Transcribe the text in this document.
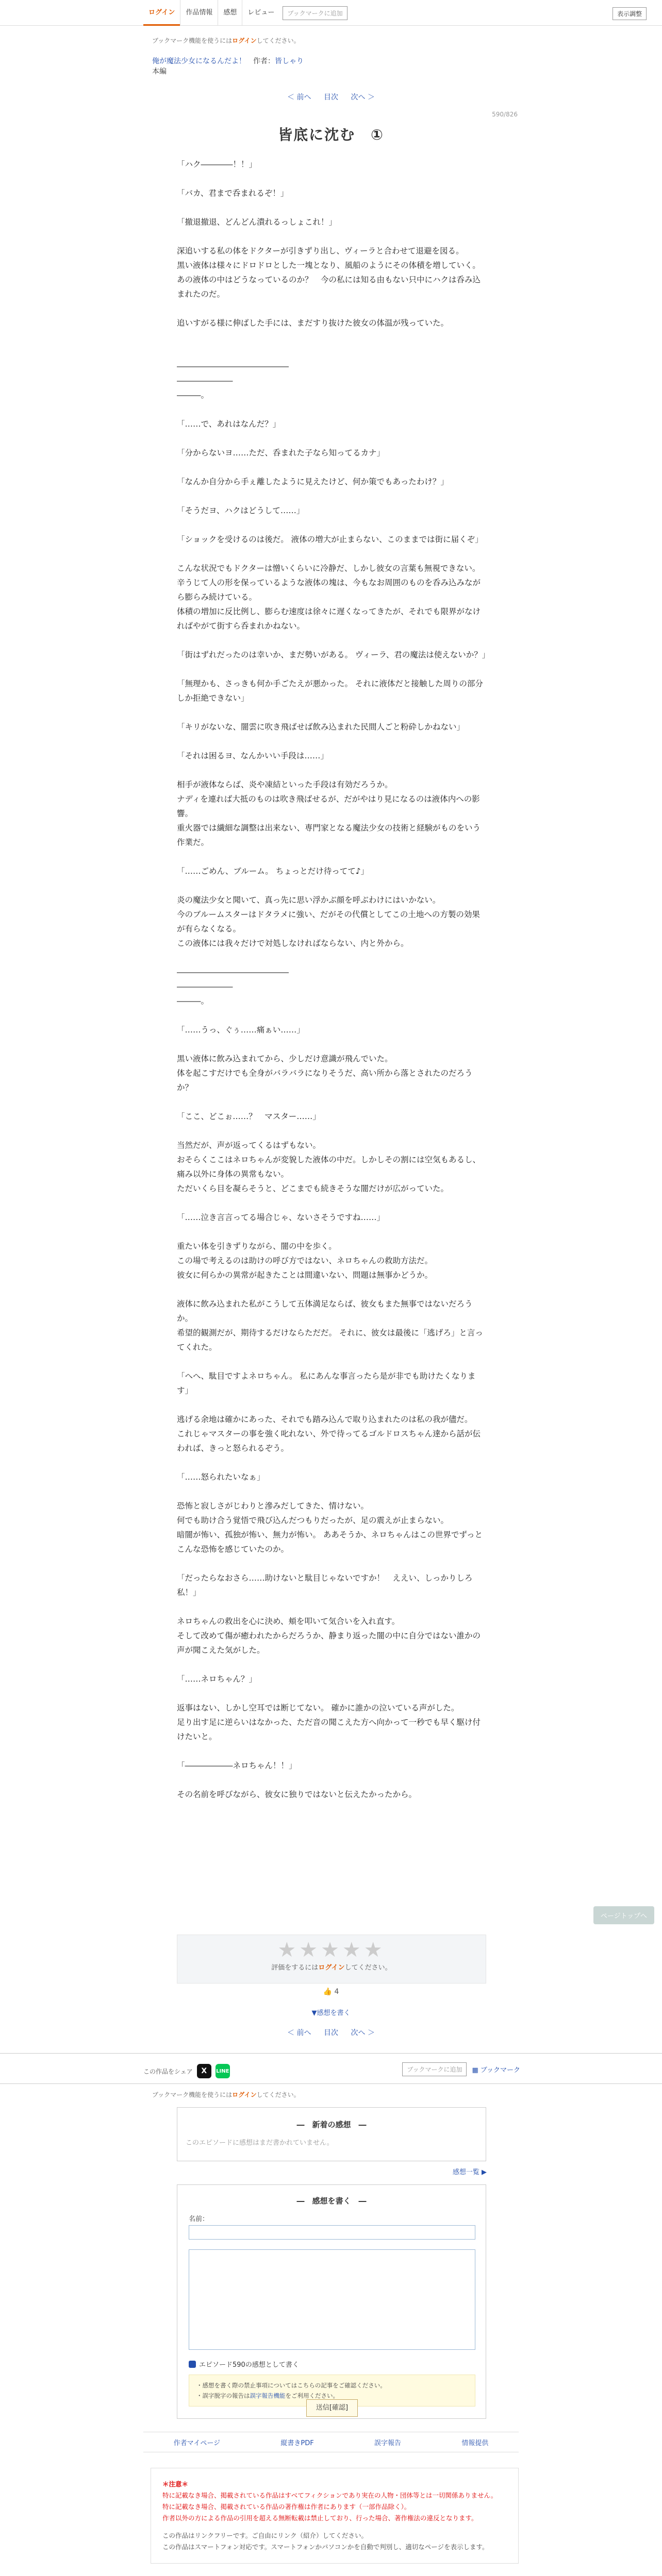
ログイン	作品情報	感想	レビュー	ブックマークに追加	表示調整
ブックマーク機能を使うにはログインしてください。
俺が魔法少女になるんだよ！ 作者：皆しゃり
本編
＜ 前へ 目次 次へ ＞
590/826
皆底に沈む　①

「ハク――――！！」

「バカ、君まで呑まれるぞ！」

「撤退撤退、どんどん潰れるっしょこれ！」

深追いする私の体をドクターが引きずり出し、ヴィーラと合わせて退避を図る。

黒い液体は様々にドロドロとした一塊となり、風船のようにその体積を増していく。

あの液体の中はどうなっているのか？　今の私には知る由もない只中にハクは呑み込まれたのだ。

追いすがる様に伸ばした手には、まだすり抜けた彼女の体温が残っていた。

――――――――――――――

―――――――

―――。

「……で、あれはなんだ？」

「分からないヨ……ただ、呑まれた子なら知ってるカナ」

「なんか自分から手ぇ離したように見えたけど、何か策でもあったわけ？」

「そうだヨ、ハクはどうして……」

「ショックを受けるのは後だ。 液体の増大が止まらない、このままでは街に届くぞ」

こんな状況でもドクターは憎いくらいに冷静だ、しかし彼女の言葉も無視できない。

辛うじて人の形を保っているような液体の塊は、今もなお周囲のものを呑み込みながら膨らみ続けている。

体積の増加に反比例し、膨らむ速度は徐々に遅くなってきたが、それでも限界がなければやがて街すら呑まれかねない。

「街はずれだったのは幸いか、まだ勢いがある。 ヴィーラ、君の魔法は使えないか？」

「無理かも、さっきも何か手ごたえが悪かった。 それに液体だと接触した周りの部分しか拒絶できない」

「キリがないな、闇雲に吹き飛ばせば飲み込まれた民間人ごと粉砕しかねない」

「それは困るヨ、なんかいい手段は……」

相手が液体ならば、炎や凍結といった手段は有効だろうか。

ナディを連れば大抵のものは吹き飛ばせるが、だがやはり見になるのは液体内への影響。

重火器では繊細な調整は出来ない、専門家となる魔法少女の技術と経験がものをいう作業だ。

「……ごめん、ブルーム。 ちょっとだけ待ってて♪」

炎の魔法少女と聞いて、真っ先に思い浮かぶ顔を呼ぶわけにはいかない。

今のブルームスターはドタラメに強い、だがその代償としてこの土地への方製の効果が有らなくなる。

この液体には我々だけで対処しなければならない、内と外から。

――――――――――――――

―――――――

―――。

「……うっ、ぐぅ……痛ぁい……」

黒い液体に飲み込まれてから、少しだけ意識が飛んでいた。

体を起こすだけでも全身がバラバラになりそうだ、高い所から落とされたのだろうか？

「ここ、どこぉ……？　マスター……」

当然だが、声が返ってくるはずもない。

おそらくここはネロちゃんが変貌した液体の中だ。しかしその割には空気もあるし、痛み以外に身体の異常もない。

ただいくら目を凝らそうと、どこまでも続きそうな闇だけが広がっていた。

「……泣き言言ってる場合じゃ、ないさそうですね……」

重たい体を引きずりながら、闇の中を歩く。

この場で考えるのは助けの呼び方ではない、ネロちゃんの救助方法だ。

彼女に何らかの異常が起きたことは間違いない、問題は無事かどうか。

液体に飲み込まれた私がこうして五体満足ならば、彼女もまた無事ではないだろうか。

希望的観測だが、期待するだけならただだ。 それに、彼女は最後に「逃げろ」と言ってくれた。

「へへ、駄目ですよネロちゃん。 私にあんな事言ったら是が非でも助けたくなります」

逃げる余地は確かにあった、それでも踏み込んで取り込まれたのは私の我が儘だ。

これじゃマスターの事を強く叱れない、外で待ってるゴルドロスちゃん達から話が伝われば、きっと怒られるぞう。

「……怒られたいなぁ」

恐怖と寂しさがじわりと滲みだしてきた、情けない。

何でも助け合う覚悟で飛び込んだつもりだったが、足の震えが止まらない。

暗闇が怖い、孤独が怖い、無力が怖い。 ああそうか、ネロちゃんはこの世界でずっとこんな恐怖を感じていたのか。

「だったらなおさら……助けないと駄目じゃないですか！　ええい、しっかりしろ私！」

ネロちゃんの救出を心に決め、頬を叩いて気合いを入れ直す。

そして改めて傷が癒われたからだろうか、静まり返った闇の中に自分ではない誰かの声が聞こえた気がした。

「……ネロちゃん？」

返事はない、しかし空耳では断じてない。 確かに誰かの泣いている声がした。

足り出す足に逆らいはなかった、ただ音の聞こえた方へ向かって一秒でも早く駆け付けたいと。

「――――――ネロちゃん！！」

その名前を呼びながら、彼女に独りではないと伝えたかったから。

ページトップへ
★★★★★
評価をするにはログインしてください。
👍 4
▼感想を書く
＜ 前へ 目次 次へ ＞
この作品をシェア	X	LINE	ブックマークに追加	▦ ブックマーク
ブックマーク機能を使うにはログインしてください。
―　新着の感想　―
このエピソードに感想はまだ書かれていません。
感想一覧 ▶
―　感想を書く　―
名前：
エピソード590の感想として書く
・感想を書く際の禁止事項についてはこちらの記事をご確認ください。
・誤字脱字の報告は誤字報告機能をご利用ください。
送信[確認]
作者マイページ	縦書きPDF	誤字報告	情報提供
＊注意＊
特に記載なき場合、掲載されている作品はすべてフィクションであり実在の人物・団体等とは一切関係ありません。
特に記載なき場合、掲載されている作品の著作権は作者にあります（一部作品除く）。
作者以外の方による作品の引用を超える無断転載は禁止しており、行った場合、著作権法の違反となります。
この作品はリンクフリーです。ご自由にリンク（紹介）してください。
この作品はスマートフォン対応です。スマートフォンかパソコンかを自動で判別し、適切なページを表示します。
